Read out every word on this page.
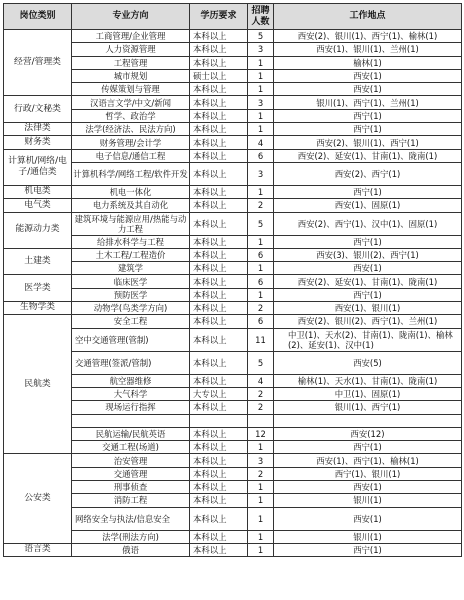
岗位类别	专业方向	学历要求	招聘人数	工作地点
经营/管理类	工商管理/企业管理	本科以上	5	西安(2)、银川(1)、西宁(1)、榆林(1)
	人力资源管理	本科以上	3	西安(1)、银川(1)、兰州(1)
	工程管理	本科以上	1	榆林(1)
	城市规划	硕士以上	1	西安(1)
	传媒策划与管理	本科以上	1	西安(1)
行政/文秘类	汉语言文学/中文/新闻	本科以上	3	银川(1)、西宁(1)、兰州(1)
	哲学、政治学	本科以上	1	西宁(1)
法律类	法学(经济法、民法方向)	本科以上	1	西宁(1)
财务类	财务管理/会计学	本科以上	4	西安(2)、银川(1)、西宁(1)
计算机/网络/电子/通信类	电子信息/通信工程	本科以上	6	西安(2)、延安(1)、甘南(1)、陇南(1)
	计算机科学/网络工程/软件开发	本科以上	3	西安(2)、西宁(1)
机电类	机电一体化	本科以上	1	西宁(1)
电气类	电力系统及其自动化	本科以上	2	西安(1)、固原(1)
能源动力类	建筑环境与能源应用/热能与动力工程	本科以上	5	西安(2)、西宁(1)、汉中(1)、固原(1)
	给排水科学与工程	本科以上	1	西宁(1)
土建类	土木工程/工程造价	本科以上	6	西安(3)、银川(2)、西宁(1)
	建筑学	本科以上	1	西安(1)
医学类	临床医学	本科以上	6	西安(2)、延安(1)、甘南(1)、陇南(1)
	预防医学	本科以上	1	西宁(1)
生物学类	动物学(鸟类学方向)	本科以上	2	西安(1)、银川(1)
民航类	安全工程	本科以上	6	西安(2)、银川(2)、西宁(1)、兰州(1)
	空中交通管理(管制)	本科以上	11	中卫(1)、天水(2)、甘南(1)、陇南(1)、榆林(2)、延安(1)、汉中(1)
	交通管理(签派/管制)	本科以上	5	西安(5)
	航空器维修	本科以上	4	榆林(1)、天水(1)、甘南(1)、陇南(1)
	大气科学	大专以上	2	中卫(1)、固原(1)
	现场运行指挥	本科以上	2	银川(1)、西宁(1)

	民航运输/民航英语	本科以上	12	西安(12)
	交通工程(场道)	本科以上	1	西宁(1)
公安类	治安管理	本科以上	3	西安(1)、西宁(1)、榆林(1)
	交通管理	本科以上	2	西宁(1)、银川(1)
	刑事侦查	本科以上	1	西安(1)
	消防工程	本科以上	1	银川(1)
	网络安全与执法/信息安全	本科以上	1	西安(1)
	法学(刑法方向)	本科以上	1	银川(1)
语言类	俄语	本科以上	1	西宁(1)
